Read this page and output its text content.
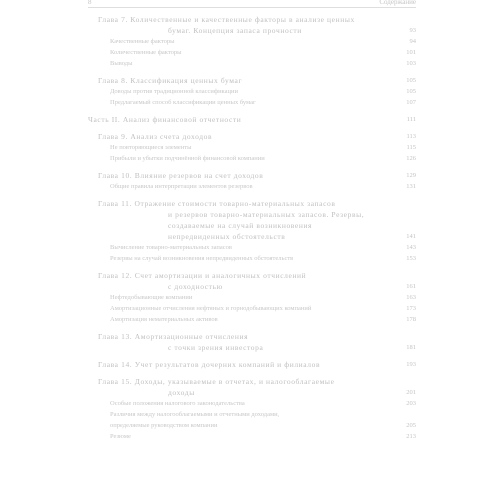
8	Содержание
Глава 7. Количественные и качественные факторы в анализе ценных
бумаг. Концепция запаса прочности	93
Качественные факторы	94
Количественные факторы	101
Выводы	103
Глава 8. Классификация ценных бумаг	105
Доводы против традиционной классификации	105
Предлагаемый способ классификации ценных бумаг	107
Часть II. Анализ финансовой отчетности	111
Глава 9. Анализ счета доходов	113
Не повторяющиеся элементы	115
Прибыли и убытки подчинённой финансовой компании	126
Глава 10. Влияние резервов на счет доходов	129
Общие правила интерпретации элементов резервов	131
Глава 11. Отражение стоимости товарно-материальных запасов
и резервов товарно-материальных запасов. Резервы,
создаваемые на случай возникновения
непредвиденных обстоятельств	141
Вычисление товарно-материальных запасов	143
Резервы на случай возникновения непредвиденных обстоятельств	153
Глава 12. Счет амортизации и аналогичных отчислений
с доходностью	161
Нефтедобывающие компании	163
Амортизационные отчисления нефтяных и горнодобывающих компаний	173
Амортизация нематериальных активов	178
Глава 13. Амортизационные отчисления
с точки зрения инвестора	181
Глава 14. Учет результатов дочерних компаний и филиалов	193
Глава 15. Доходы, указываемые в отчетах, и налогооблагаемые
доходы	201
Особые положения налогового законодательства	203
Различия между налогооблагаемыми и отчетными доходами,
определяемые руководством компании	205
Резюме	213
